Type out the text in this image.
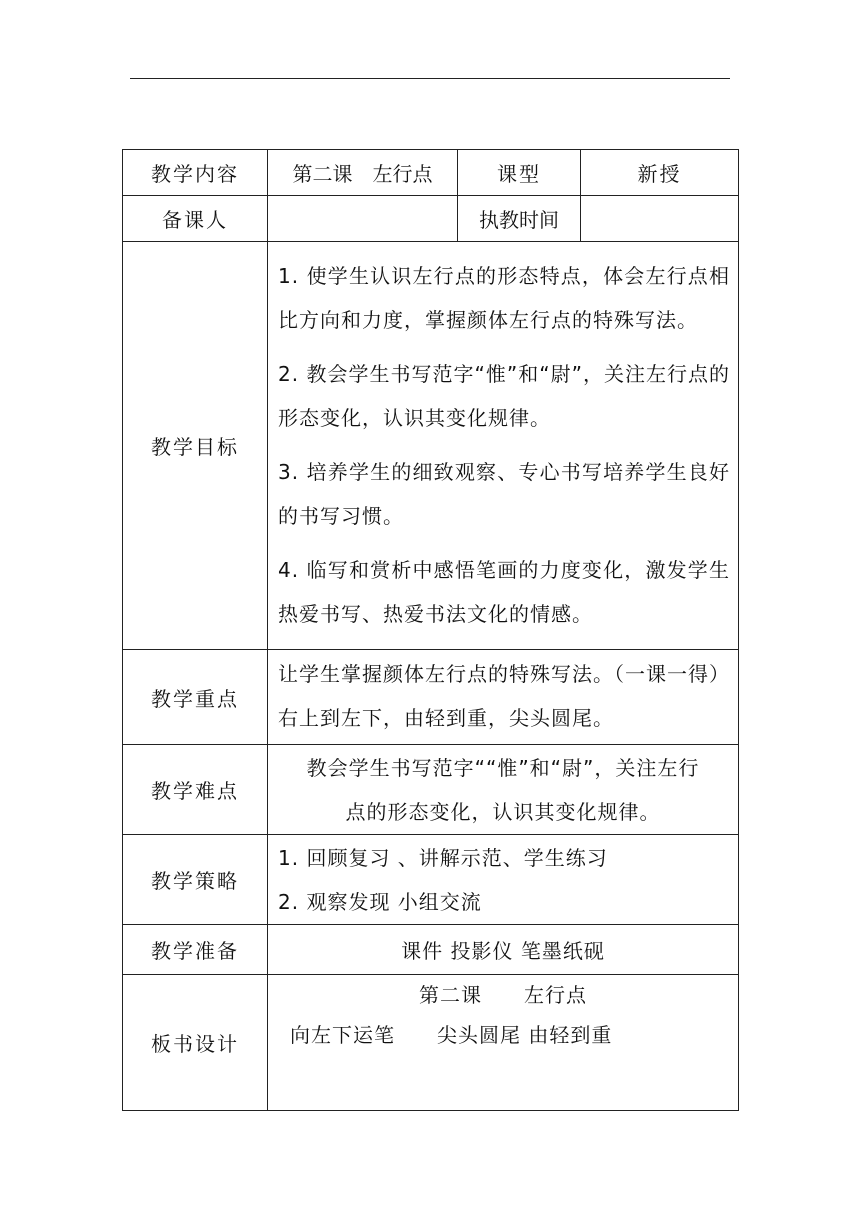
教学内容	第二课　左行点	课型	新授
备课人		执教时间	
教学目标	1. 使学生认识左行点的形态特点，体会左行点相比方向和力度，掌握颜体左行点的特殊写法。
2. 教会学生书写范字“惟”和“尉”，关注左行点的形态变化，认识其变化规律。
3. 培养学生的细致观察、专心书写培养学生良好的书写习惯。
4. 临写和赏析中感悟笔画的力度变化，激发学生热爱书写、热爱书法文化的情感。		

教学重点	让学生掌握颜体左行点的特殊写法。（一课一得）右上到左下，由轻到重，尖头圆尾。		

教学难点	教会学生书写范字““惟”和“尉”，关注左行
点的形态变化，认识其变化规律。		

教学策略	1. 回顾复习 、讲解示范、学生练习
2. 观察发现 小组交流		

教学准备	课件 投影仪 笔墨纸砚		
板书设计	第二课　　左行点
向左下运笔　　尖头圆尾 由轻到重		
